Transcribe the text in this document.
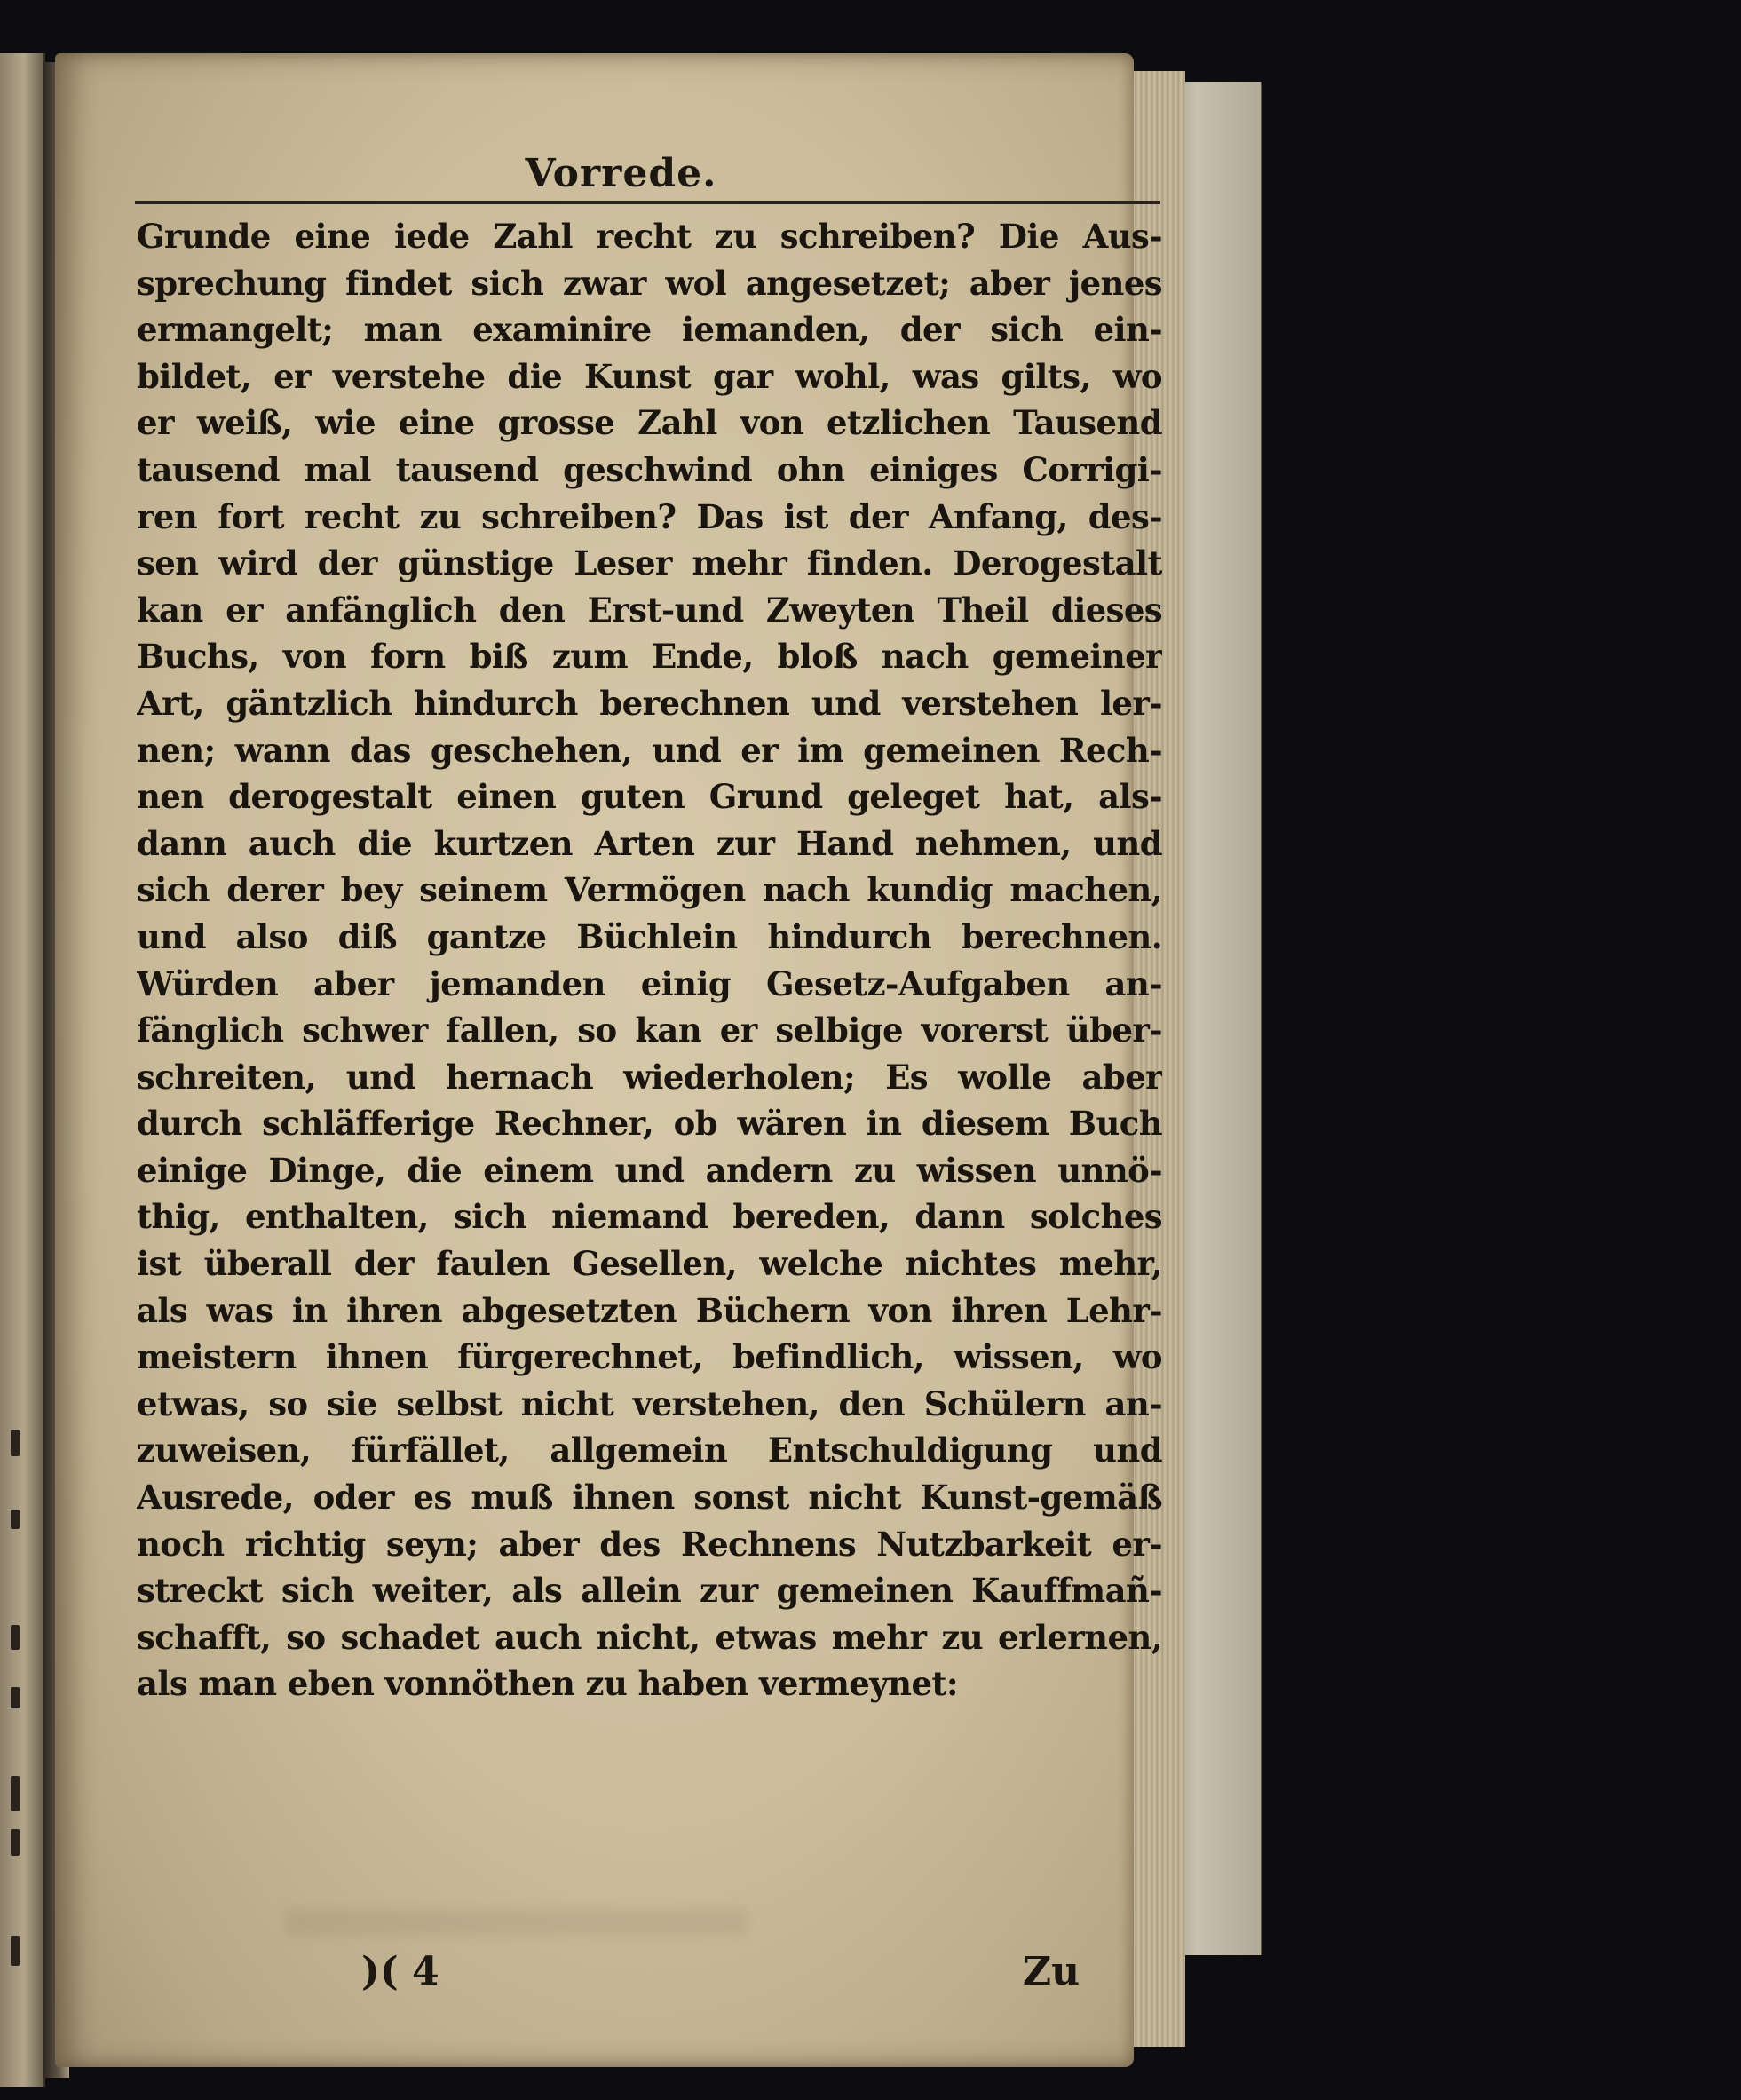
Vorrede.
Grunde eine iede Zahl recht zu schreiben? Die Aus-
sprechung findet sich zwar wol angesetzet; aber jenes
ermangelt; man examinire iemanden, der sich ein-
bildet, er verstehe die Kunst gar wohl, was gilts, wo
er weiß, wie eine grosse Zahl von etzlichen Tausend
tausend mal tausend geschwind ohn einiges Corrigi-
ren fort recht zu schreiben? Das ist der Anfang, des-
sen wird der günstige Leser mehr finden. Derogestalt
kan er anfänglich den Erst-und Zweyten Theil dieses
Buchs, von forn biß zum Ende, bloß nach gemeiner
Art, gäntzlich hindurch berechnen und verstehen ler-
nen; wann das geschehen, und er im gemeinen Rech-
nen derogestalt einen guten Grund geleget hat, als-
dann auch die kurtzen Arten zur Hand nehmen, und
sich derer bey seinem Vermögen nach kundig machen,
und also diß gantze Büchlein hindurch berechnen.
Würden aber jemanden einig Gesetz-Aufgaben an-
fänglich schwer fallen, so kan er selbige vorerst über-
schreiten, und hernach wiederholen; Es wolle aber
durch schläfferige Rechner, ob wären in diesem Buch
einige Dinge, die einem und andern zu wissen unnö-
thig, enthalten, sich niemand bereden, dann solches
ist überall der faulen Gesellen, welche nichtes mehr,
als was in ihren abgesetzten Büchern von ihren Lehr-
meistern ihnen fürgerechnet, befindlich, wissen, wo
etwas, so sie selbst nicht verstehen, den Schülern an-
zuweisen, fürfället, allgemein Entschuldigung und
Ausrede, oder es muß ihnen sonst nicht Kunst-gemäß
noch richtig seyn; aber des Rechnens Nutzbarkeit er-
streckt sich weiter, als allein zur gemeinen Kauffmañ-
schafft, so schadet auch nicht, etwas mehr zu erlernen,
als man eben vonnöthen zu haben vermeynet:
)( 4	Zu
